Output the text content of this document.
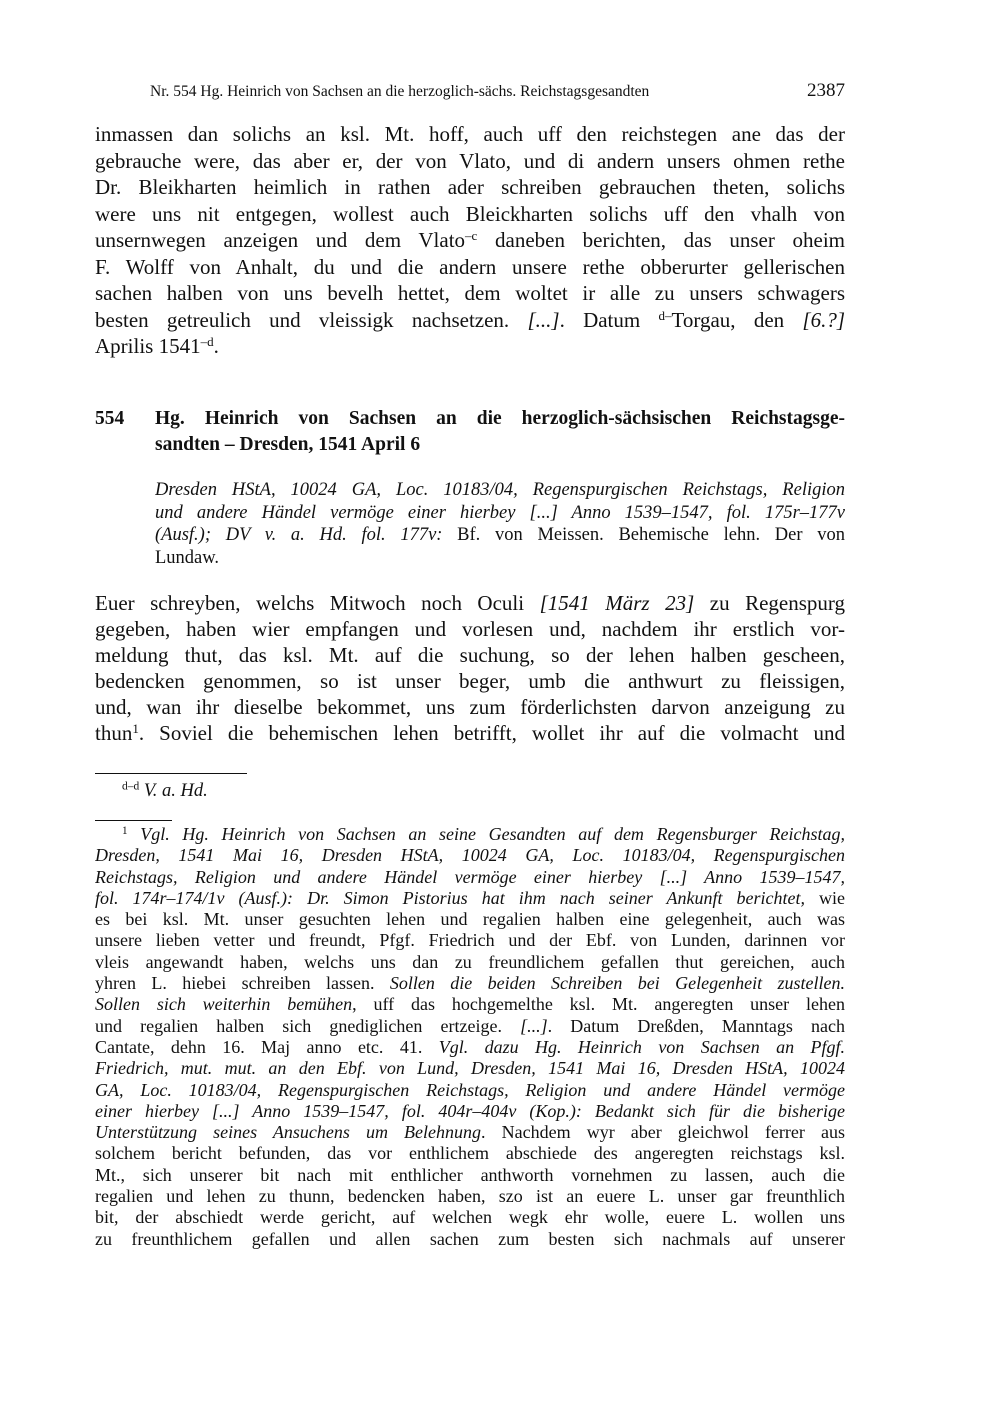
Nr. 554 Hg. Heinrich von Sachsen an die herzoglich-sächs. Reichstagsgesandten	2387
inmassen dan solichs an ksl. Mt. hoff, auch uff den reichstegen ane das der
gebrauche were, das aber er, der von Vlato, und di andern unsers ohmen rethe
Dr. Bleikharten heimlich in rathen ader schreiben gebrauchen theten, solichs
were uns nit entgegen, wollest auch Bleickharten solichs uff den vhalh von
unsernwegen anzeigen und dem Vlato$^{-c}$ daneben berichten, das unser oheim
F. Wolff von Anhalt, du und die andern unsere rethe obberurter gellerischen
sachen halben von uns bevelh hettet, dem woltet ir alle zu unsers schwagers
besten getreulich und vleissigk nachsetzen. [...]. Datum $^{d-}$Torgau, den [6.?]
Aprilis $1541^{-d}$.
554 Hg. Heinrich von Sachsen an die herzoglich-sächsischen Reichstagsge-
sandten – Dresden, 1541 April 6
Dresden HStA, 10024 GA, Loc. 10183/04, Regenspurgischen Reichstags, Religion
und andere Händel vermöge einer hierbey [...] Anno 1539–1547, fol. 175r–177v
(Ausf.); DV v. a. Hd. fol. 177v: Bf. von Meissen. Behemische lehn. Der von
Lundaw.
Euer schreyben, welchs Mitwoch noch Oculi [1541 März 23] zu Regenspurg
gegeben, haben wier empfangen und vorlesen und, nachdem ihr erstlich vor-
meldung thut, das ksl. Mt. auf die suchung, so der lehen halben gescheen,
bedencken genommen, so ist unser beger, umb die anthwurt zu fleissigen,
und, wan ihr dieselbe bekommet, uns zum förderlichsten darvon anzeigung zu
thun$^1$. Soviel die behemischen lehen betrifft, wollet ihr auf die volmacht und
$^{d-d}$ V. a. Hd.
$^1$ Vgl. Hg. Heinrich von Sachsen an seine Gesandten auf dem Regensburger Reichstag,
Dresden, 1541 Mai 16, Dresden HStA, 10024 GA, Loc. 10183/04, Regenspurgischen
Reichstags, Religion und andere Händel vermöge einer hierbey [...] Anno 1539–1547,
fol. 174r–174/1v (Ausf.): Dr. Simon Pistorius hat ihm nach seiner Ankunft berichtet, wie
es bei ksl. Mt. unser gesuchten lehen und regalien halben eine gelegenheit, auch was
unsere lieben vetter und freundt, Pfgf. Friedrich und der Ebf. von Lunden, darinnen vor
vleis angewandt haben, welchs uns dan zu freundlichem gefallen thut gereichen, auch
yhren L. hiebei schreiben lassen. Sollen die beiden Schreiben bei Gelegenheit zustellen.
Sollen sich weiterhin bemühen, uff das hochgemelthe ksl. Mt. angeregten unser lehen
und regalien halben sich gnediglichen ertzeige. [...]. Datum Dreßden, Manntags nach
Cantate, dehn 16. Maj anno etc. 41. Vgl. dazu Hg. Heinrich von Sachsen an Pfgf.
Friedrich, mut. mut. an den Ebf. von Lund, Dresden, 1541 Mai 16, Dresden HStA, 10024
GA, Loc. 10183/04, Regenspurgischen Reichstags, Religion und andere Händel vermöge
einer hierbey [...] Anno 1539–1547, fol. 404r–404v (Kop.): Bedankt sich für die bisherige
Unterstützung seines Ansuchens um Belehnung. Nachdem wyr aber gleichwol ferrer aus
solchem bericht befunden, das vor enthlichem abschiede des angeregten reichstags ksl.
Mt., sich unserer bit nach mit enthlicher anthworth vornehmen zu lassen, auch die
regalien und lehen zu thunn, bedencken haben, szo ist an euere L. unser gar freunthlich
bit, der abschiedt werde gericht, auf welchen wegk ehr wolle, euere L. wollen uns
zu freunthlichem gefallen und allen sachen zum besten sich nachmals auf unserer
